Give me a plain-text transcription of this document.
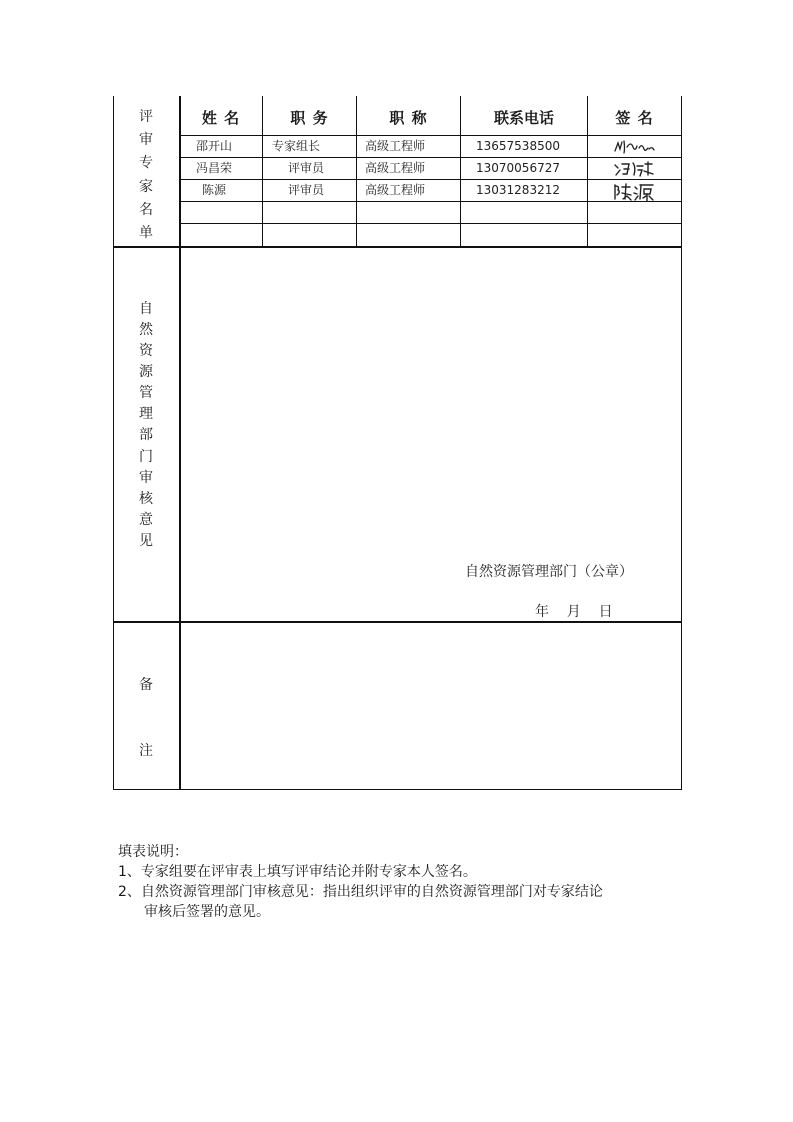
评
审
专
家
名
单
自
然
资
源
管
理
部
门
审
核
意
见
备
注
姓 名	职 务	职 称	联系电话	签 名
邵开山	专家组长	高级工程师	13657538500
冯昌荣	评审员	高级工程师	13070056727
陈源	评审员	高级工程师	13031283212
自然资源管理部门（公章）
年    月    日
填表说明：
1、专家组要在评审表上填写评审结论并附专家本人签名。
2、自然资源管理部门审核意见：指出组织评审的自然资源管理部门对专家结论
审核后签署的意见。
